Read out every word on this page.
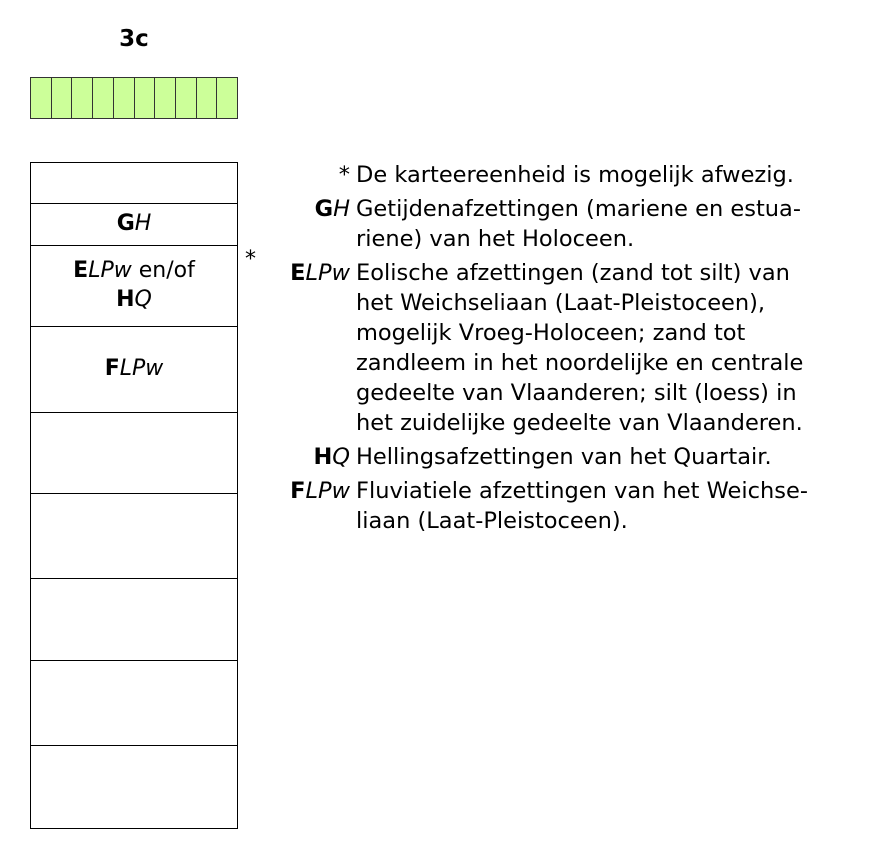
3c
GH
ELPw en/of
HQ
FLPw
*
* De karteereenheid is mogelijk afwezig.
GH Getijdenafzettingen (mariene en estua-
riene) van het Holoceen.
ELPw Eolische afzettingen (zand tot silt) van
het Weichseliaan (Laat-Pleistoceen),
mogelijk Vroeg-Holoceen; zand tot
zandleem in het noordelijke en centrale
gedeelte van Vlaanderen; silt (loess) in
het zuidelijke gedeelte van Vlaanderen.
HQ Hellingsafzettingen van het Quartair.
FLPw Fluviatiele afzettingen van het Weichse-
liaan (Laat-Pleistoceen).
